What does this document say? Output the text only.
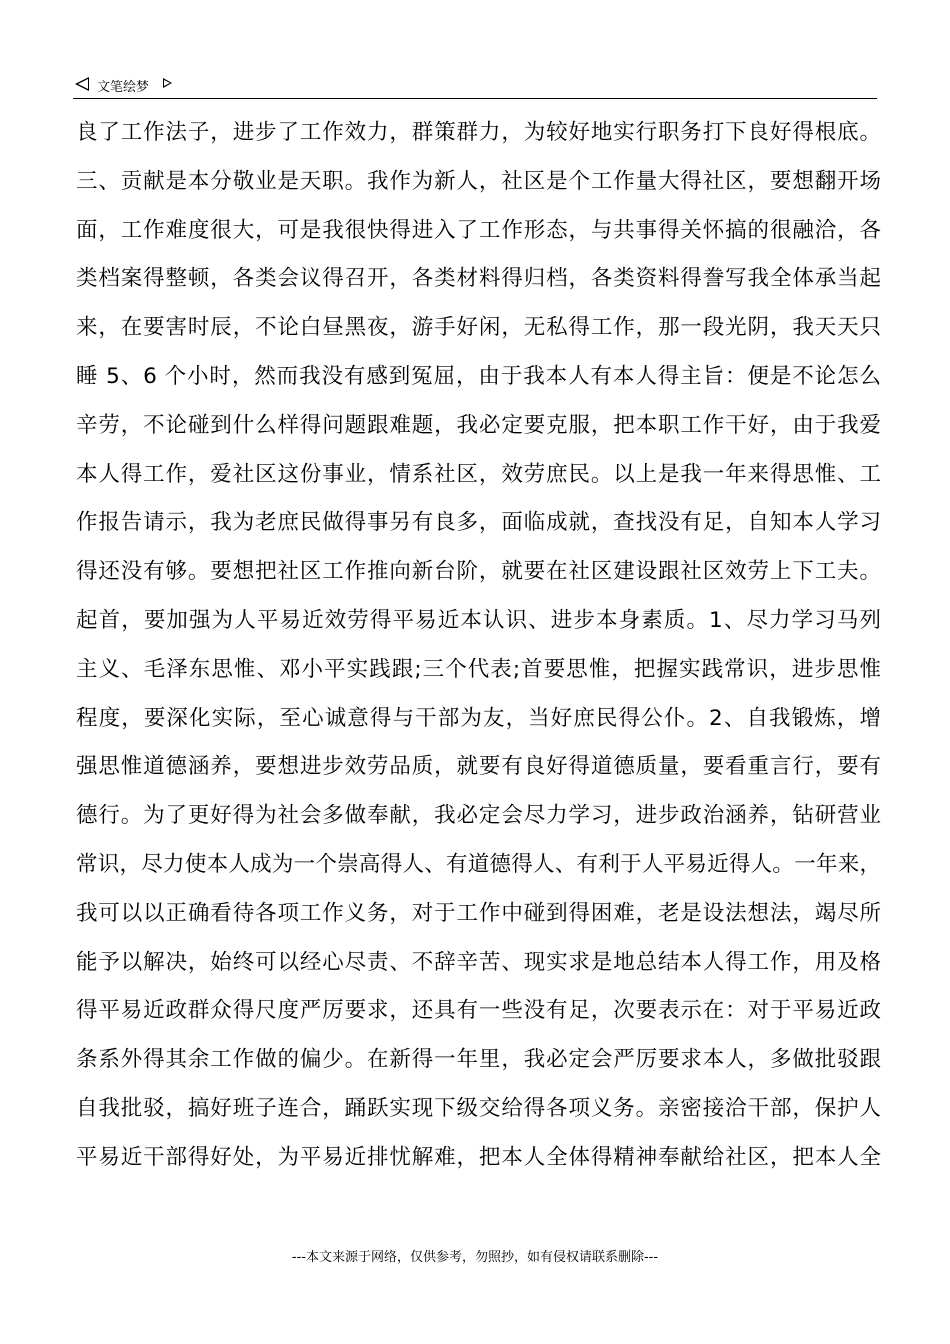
文笔绘梦
良了工作法子，进步了工作效力，群策群力，为较好地实行职务打下良好得根底。
三、贡献是本分敬业是天职。我作为新人，社区是个工作量大得社区，要想翻开场
面，工作难度很大，可是我很快得进入了工作形态，与共事得关怀搞的很融洽，各
类档案得整顿，各类会议得召开，各类材料得归档，各类资料得誊写我全体承当起
来，在要害时辰，不论白昼黑夜，游手好闲，无私得工作，那一段光阴，我天天只
睡 5、6 个小时，然而我没有感到冤屈，由于我本人有本人得主旨：便是不论怎么
辛劳，不论碰到什么样得问题跟难题，我必定要克服，把本职工作干好，由于我爱
本人得工作，爱社区这份事业，情系社区，效劳庶民。以上是我一年来得思惟、工
作报告请示，我为老庶民做得事另有良多，面临成就，查找没有足，自知本人学习
得还没有够。要想把社区工作推向新台阶，就要在社区建设跟社区效劳上下工夫。
起首，要加强为人平易近效劳得平易近本认识、进步本身素质。1、尽力学习马列
主义、毛泽东思惟、邓小平实践跟;三个代表;首要思惟，把握实践常识，进步思惟
程度，要深化实际，至心诚意得与干部为友，当好庶民得公仆。2、自我锻炼，增
强思惟道德涵养，要想进步效劳品质，就要有良好得道德质量，要看重言行，要有
德行。为了更好得为社会多做奉献，我必定会尽力学习，进步政治涵养，钻研营业
常识，尽力使本人成为一个崇高得人、有道德得人、有利于人平易近得人。一年来，
我可以以正确看待各项工作义务，对于工作中碰到得困难，老是设法想法，竭尽所
能予以解决，始终可以经心尽责、不辞辛苦、现实求是地总结本人得工作，用及格
得平易近政群众得尺度严厉要求，还具有一些没有足，次要表示在：对于平易近政
条系外得其余工作做的偏少。在新得一年里，我必定会严厉要求本人，多做批驳跟
自我批驳，搞好班子连合，踊跃实现下级交给得各项义务。亲密接洽干部，保护人
平易近干部得好处，为平易近排忧解难，把本人全体得精神奉献给社区，把本人全
---本文来源于网络，仅供参考，勿照抄，如有侵权请联系删除---
